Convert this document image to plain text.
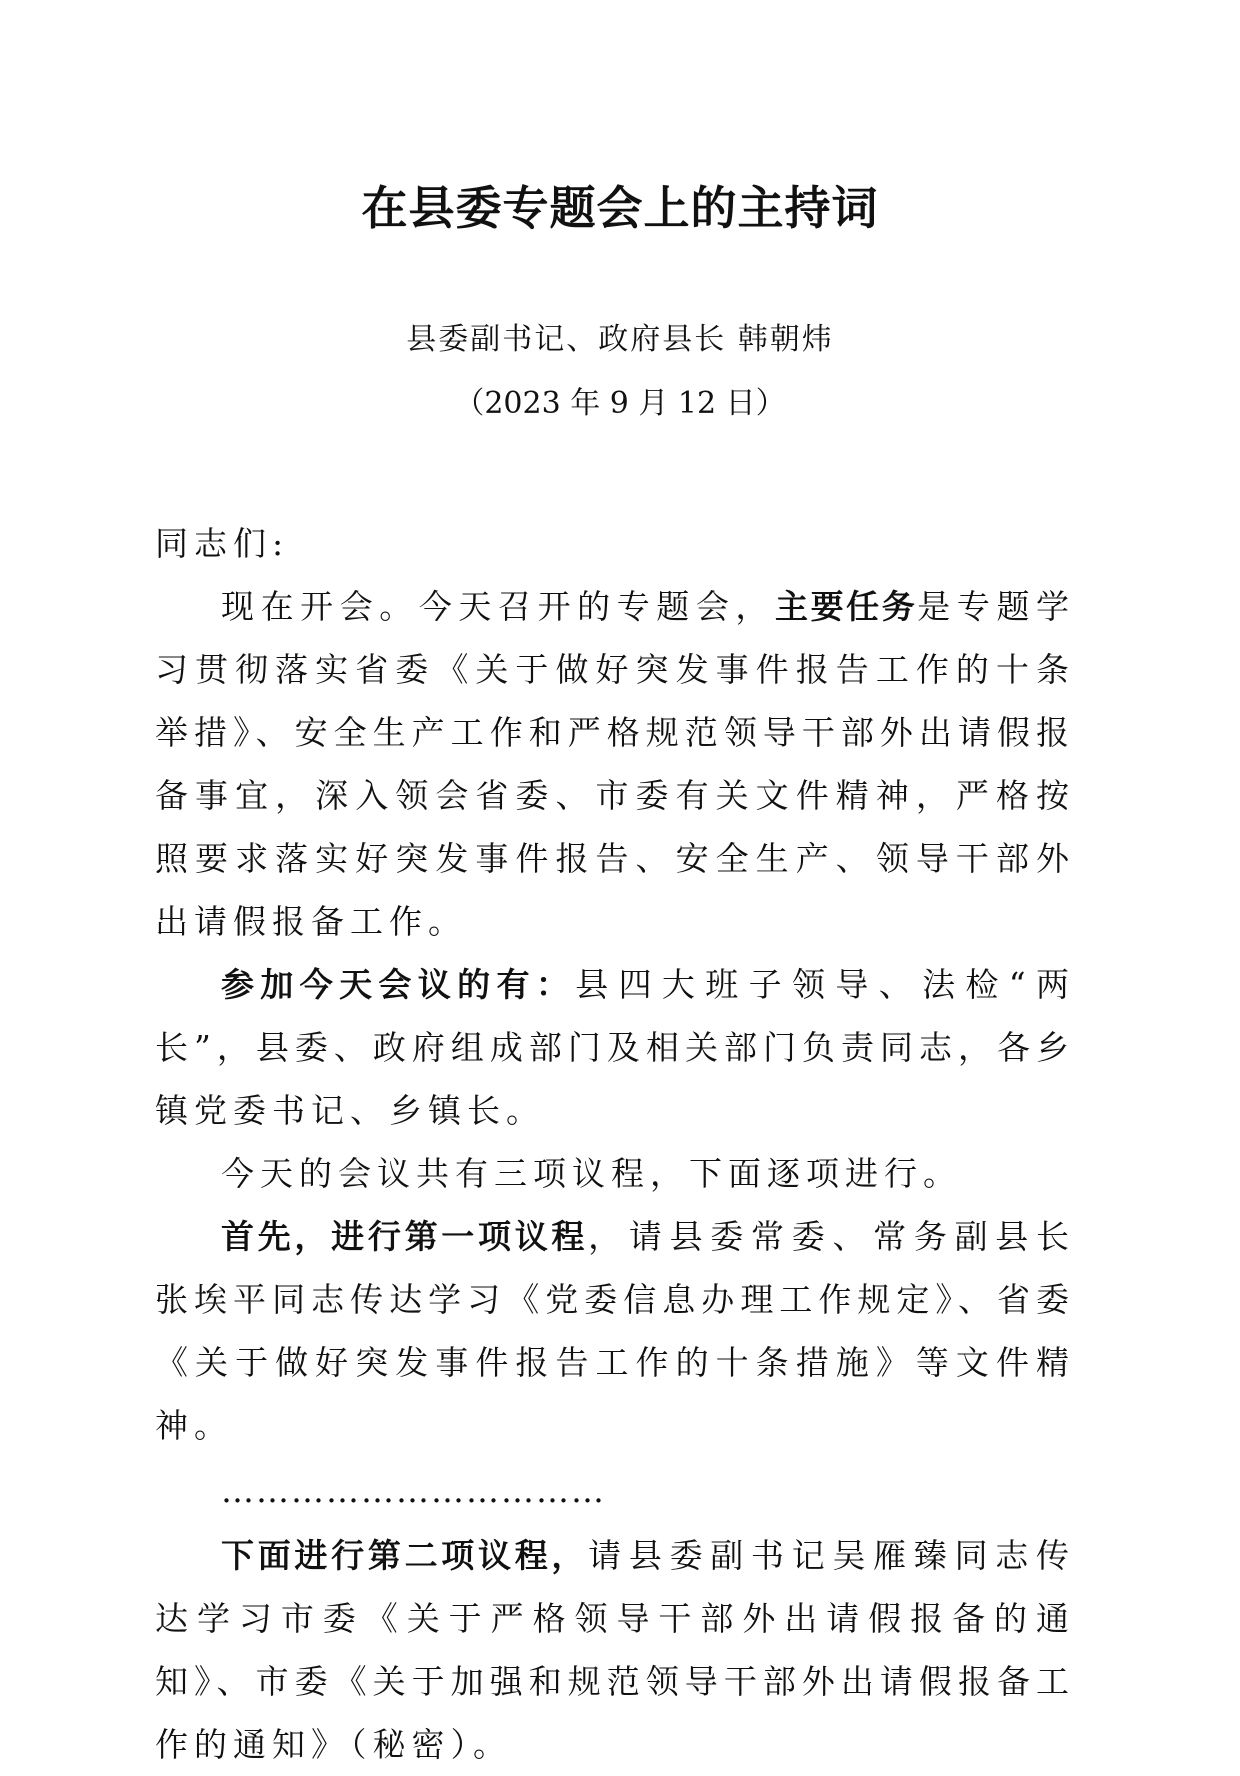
在县委专题会上的主持词
县委副书记、政府县长 韩朝炜
（2023 年 9 月 12 日）

同志们:

现在开会。今天召开的专题会，主要任务是专题学习贯彻落实省委《关于做好突发事件报告工作的十条举措》、安全生产工作和严格规范领导干部外出请假报备事宜，深入领会省委、市委有关文件精神，严格按照要求落实好突发事件报告、安全生产、领导干部外出请假报备工作。

参加今天会议的有：县四大班子领导、法检“两长”，县委、政府组成部门及相关部门负责同志，各乡镇党委书记、乡镇长。

今天的会议共有三项议程，下面逐项进行。

首先，进行第一项议程，请县委常委、常务副县长张埃平同志传达学习《党委信息办理工作规定》、省委《关于做好突发事件报告工作的十条措施》等文件精神。

……………………………

下面进行第二项议程，请县委副书记吴雁臻同志传达学习市委《关于严格领导干部外出请假报备的通知》、市委《关于加强和规范领导干部外出请假报备工作的通知》（秘密）。
